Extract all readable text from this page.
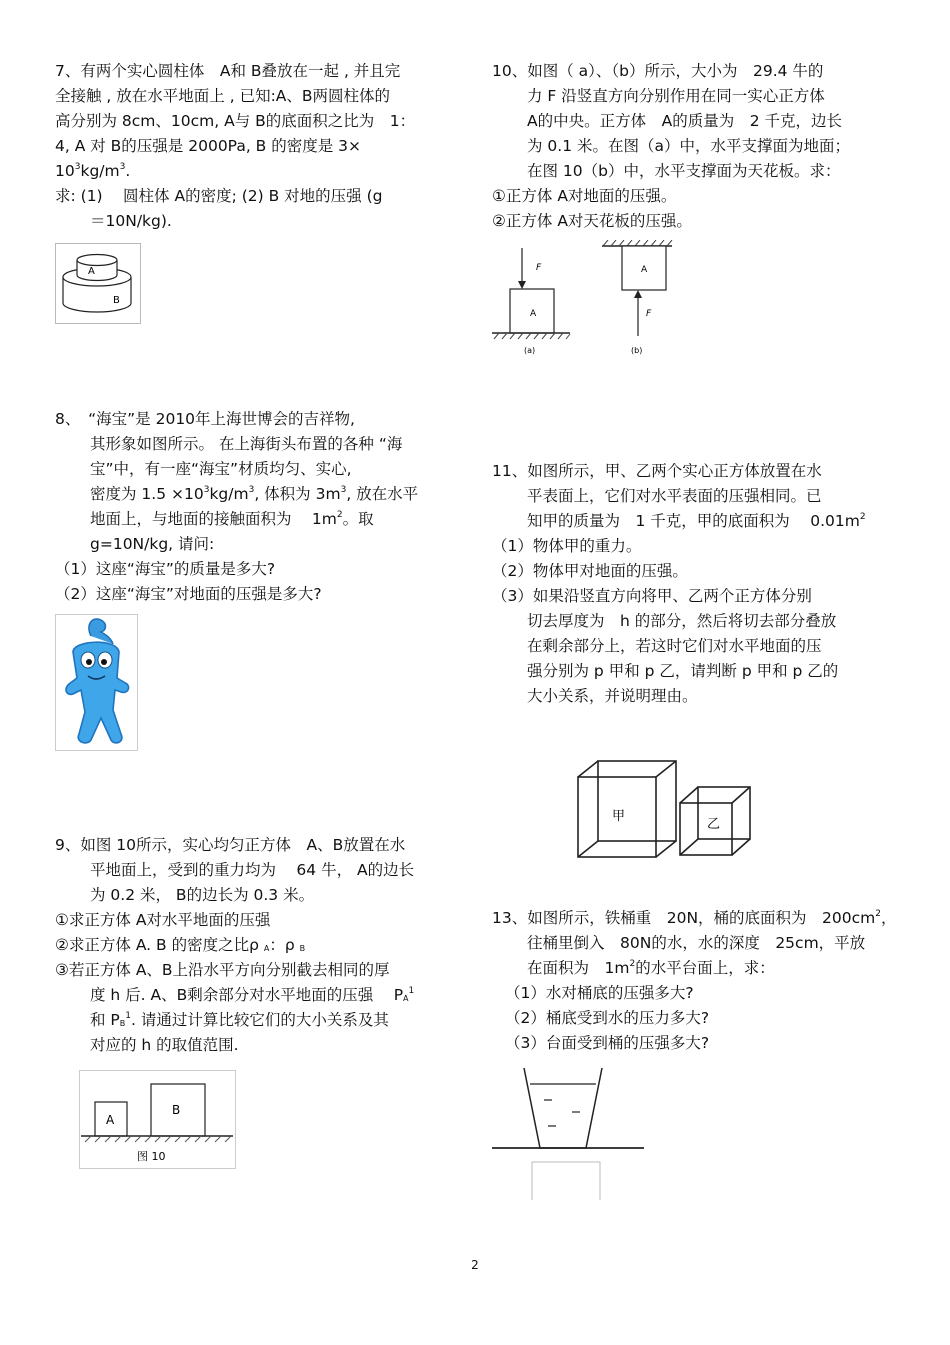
7、有两个实心圆柱体　A和 B叠放在一起 , 并且完
全接触 , 放在水平地面上 , 已知:A、B两圆柱体的
高分别为 8cm、10cm, A与 B的底面积之比为　1：
4, A 对 B的压强是 2000Pa, B 的密度是 3×
$10^3kg/m^3$.
求: (1)　 圆柱体 A的密度; (2) B 对地的压强 (g
＝10N/kg).
A
B
8、　“海宝”是 2010年上海世博会的吉祥物,
其形象如图所示。 在上海街头布置的各种 “海
宝”中，有一座“海宝”材质均匀、实心,
密度为 $1.5 \times 10^3kg/m^3$, 体积为 $3m^3$, 放在水平
地面上，与地面的接触面积为　 $1m^2$。取
g=10N/kg, 请问:
（1）这座“海宝”的质量是多大?
（2）这座“海宝”对地面的压强是多大?
9、如图 10所示，实心均匀正方体　A、B放置在水
平地面上，受到的重力均为　 64 牛， A的边长
为 0.2 米， B的边长为 0.3 米。
①求正方体 A对水平地面的压强
②求正方体 A. B 的密度之比ρ $_A$：ρ $_B$
③若正方体 A、B上沿水平方向分别截去相同的厚
度 h 后. A、B剩余部分对水平地面的压强　 $P_A^1$
和 $P_B^1$. 请通过计算比较它们的大小关系及其
对应的 h 的取值范围.
A
B
图 10
10、如图（ a）、（b）所示，大小为　29.4 牛的
力 F 沿竖直方向分别作用在同一实心正方体
A的中央。正方体　A的质量为　2 千克，边长
为 0.1 米。在图（a）中，水平支撑面为地面；
在图 10（b）中，水平支撑面为天花板。求：
①正方体 A对地面的压强。
②正方体 A对天花板的压强。
F
A
(a)
A
F
(b)
11、如图所示，甲、乙两个实心正方体放置在水
平表面上，它们对水平表面的压强相同。已
知甲的质量为　1 千克，甲的底面积为　 $0.01m^2$
（1）物体甲的重力。
（2）物体甲对地面的压强。
（3）如果沿竖直方向将甲、乙两个正方体分别
切去厚度为　h 的部分，然后将切去部分叠放
在剩余部分上，若这时它们对水平地面的压
强分别为 p 甲和 p 乙，请判断 p 甲和 p 乙的
大小关系，并说明理由。
甲
乙
13、如图所示，铁桶重　20N，桶的底面积为　$200cm^2$，
往桶里倒入　80N的水，水的深度　25cm，平放
在面积为　$1m^2$的水平台面上，求：
（1）水对桶底的压强多大?
（2）桶底受到水的压力多大?
（3）台面受到桶的压强多大?
2
